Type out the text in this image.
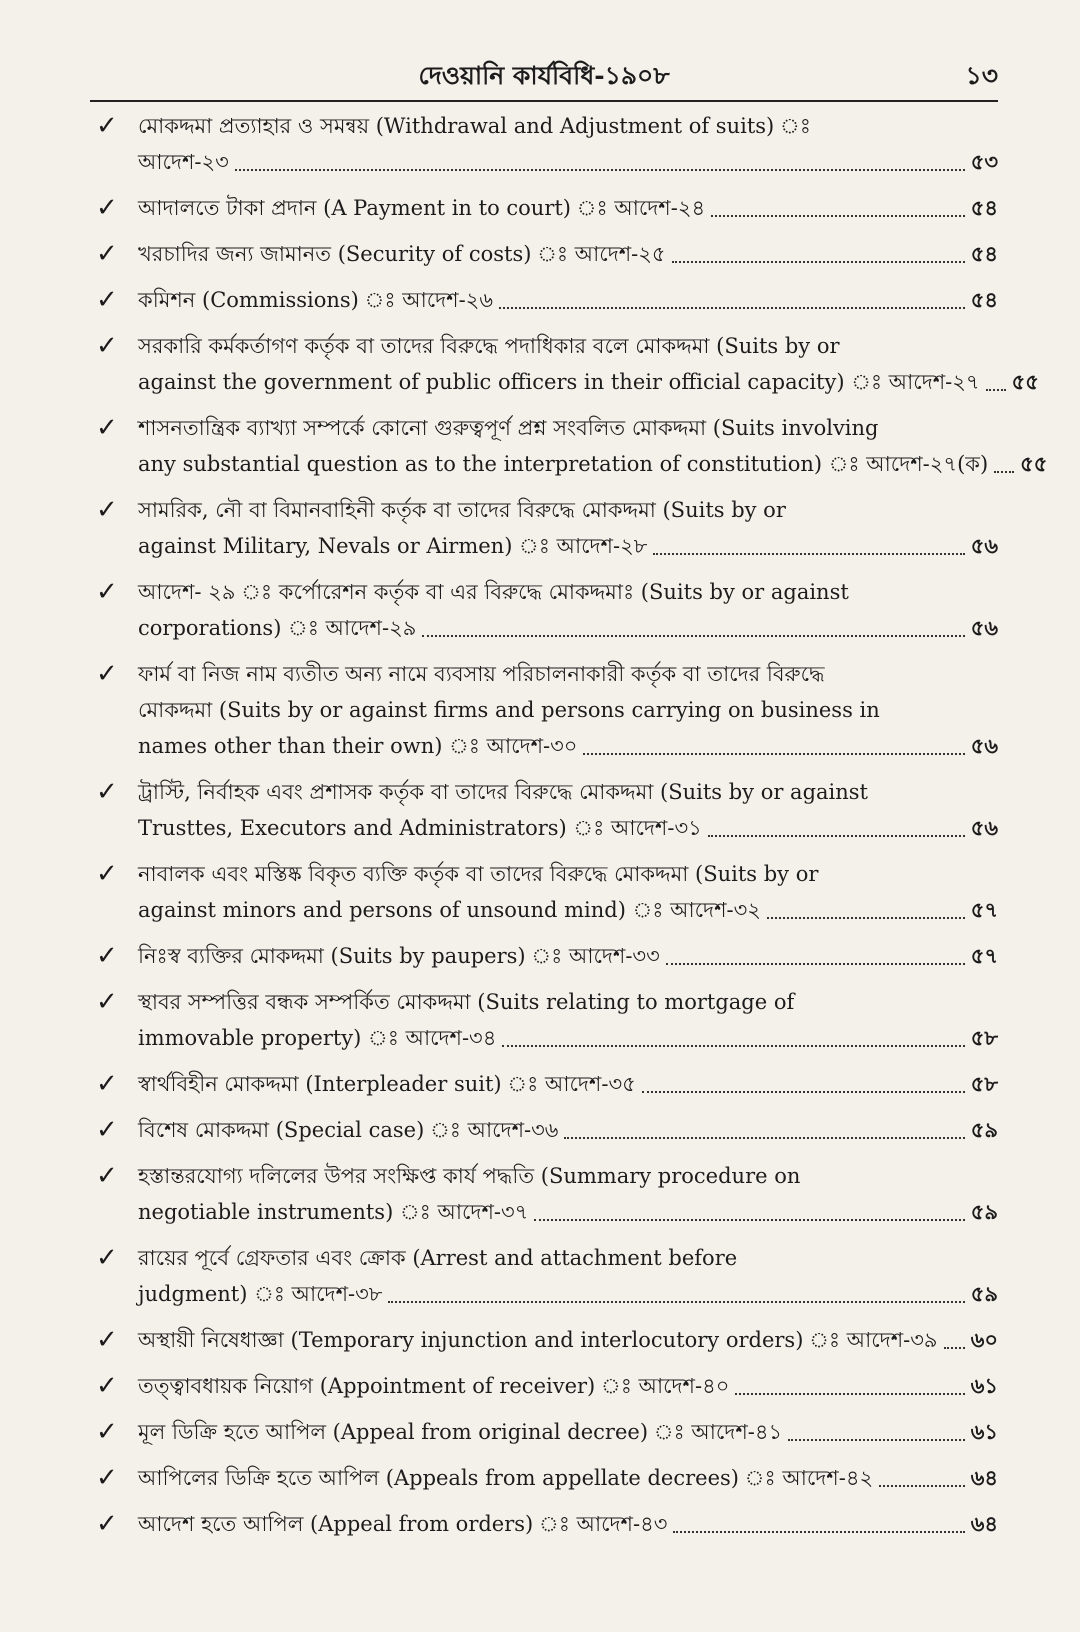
দেওয়ানি কার্যবিধি-১৯০৮	১৩
✓ মোকদ্দমা প্রত্যাহার ও সমন্বয় (Withdrawal and Adjustment of suits) ঃ
আদেশ-২৩	৫৩
✓ আদালতে টাকা প্রদান (A Payment in to court) ঃ আদেশ-২৪	৫৪
✓ খরচাদির জন্য জামানত (Security of costs) ঃ আদেশ-২৫	৫৪
✓ কমিশন (Commissions) ঃ আদেশ-২৬	৫৪
✓ সরকারি কর্মকর্তাগণ কর্তৃক বা তাদের বিরুদ্ধে পদাধিকার বলে মোকদ্দমা (Suits by or
against the government of public officers in their official capacity) ঃ আদেশ-২৭ ৫৫
✓ শাসনতান্ত্রিক ব্যাখ্যা সম্পর্কে কোনো গুরুত্বপূর্ণ প্রশ্ন সংবলিত মোকদ্দমা (Suits involving
any substantial question as to the interpretation of constitution) ঃ আদেশ-২৭(ক) ৫৫
✓ সামরিক, নৌ বা বিমানবাহিনী কর্তৃক বা তাদের বিরুদ্ধে মোকদ্দমা (Suits by or
against Military, Nevals or Airmen) ঃ আদেশ-২৮	৫৬
✓ আদেশ- ২৯ ঃ কর্পোরেশন কর্তৃক বা এর বিরুদ্ধে মোকদ্দমাঃ (Suits by or against
corporations) ঃ আদেশ-২৯	৫৬
✓ ফার্ম বা নিজ নাম ব্যতীত অন্য নামে ব্যবসায় পরিচালনাকারী কর্তৃক বা তাদের বিরুদ্ধে
মোকদ্দমা (Suits by or against firms and persons carrying on business in
names other than their own) ঃ আদেশ-৩০	৫৬
✓ ট্রাস্টি, নির্বাহক এবং প্রশাসক কর্তৃক বা তাদের বিরুদ্ধে মোকদ্দমা (Suits by or against
Trusttes, Executors and Administrators) ঃ আদেশ-৩১	৫৬
✓ নাবালক এবং মস্তিষ্ক বিকৃত ব্যক্তি কর্তৃক বা তাদের বিরুদ্ধে মোকদ্দমা (Suits by or
against minors and persons of unsound mind) ঃ আদেশ-৩২	৫৭
✓ নিঃস্ব ব্যক্তির মোকদ্দমা (Suits by paupers) ঃ আদেশ-৩৩	৫৭
✓ স্থাবর সম্পত্তির বন্ধক সম্পর্কিত মোকদ্দমা (Suits relating to mortgage of
immovable property) ঃ আদেশ-৩৪	৫৮
✓ স্বার্থবিহীন মোকদ্দমা (Interpleader suit) ঃ আদেশ-৩৫	৫৮
✓ বিশেষ মোকদ্দমা (Special case) ঃ আদেশ-৩৬	৫৯
✓ হস্তান্তরযোগ্য দলিলের উপর সংক্ষিপ্ত কার্য পদ্ধতি (Summary procedure on
negotiable instruments) ঃ আদেশ-৩৭	৫৯
✓ রায়ের পূর্বে গ্রেফতার এবং ক্রোক (Arrest and attachment before
judgment) ঃ আদেশ-৩৮	৫৯
✓ অস্থায়ী নিষেধাজ্ঞা (Temporary injunction and interlocutory orders) ঃ আদেশ-৩৯ ৬০
✓ তত্ত্বাবধায়ক নিয়োগ (Appointment of receiver) ঃ আদেশ-৪০	৬১
✓ মূল ডিক্রি হতে আপিল (Appeal from original decree) ঃ আদেশ-৪১	৬১
✓ আপিলের ডিক্রি হতে আপিল (Appeals from appellate decrees) ঃ আদেশ-৪২	৬৪
✓ আদেশ হতে আপিল (Appeal from orders) ঃ আদেশ-৪৩	৬৪
